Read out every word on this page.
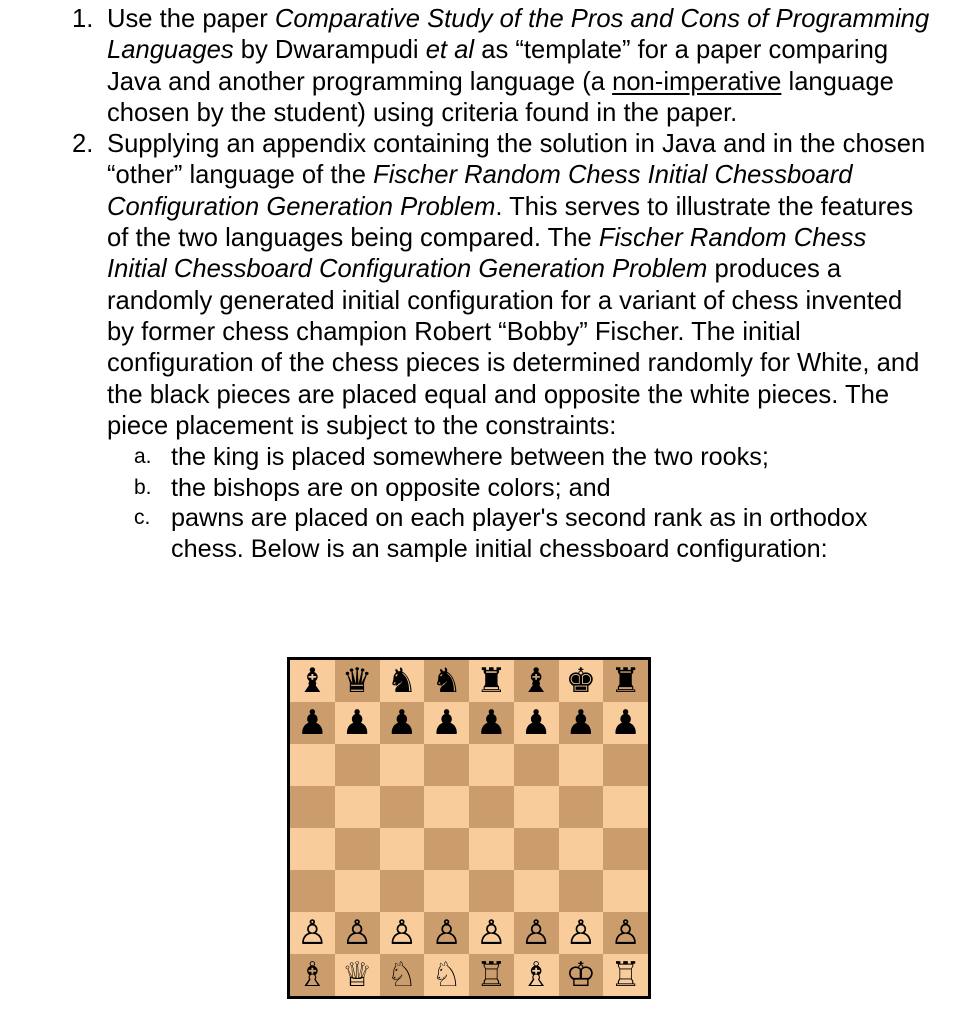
1. Use the paper Comparative Study of the Pros and Cons of Programming Languages by Dwarampudi et al as “template” for a paper comparing Java and another programming language (a non-imperative language chosen by the student) using criteria found in the paper.
2. Supplying an appendix containing the solution in Java and in the chosen “other” language of the Fischer Random Chess Initial Chessboard Configuration Generation Problem. This serves to illustrate the features of the two languages being compared. The Fischer Random Chess Initial Chessboard Configuration Generation Problem produces a randomly generated initial configuration for a variant of chess invented by former chess champion Robert “Bobby” Fischer. The initial configuration of the chess pieces is determined randomly for White, and the black pieces are placed equal and opposite the white pieces. The piece placement is subject to the constraints:
a. the king is placed somewhere between the two rooks;
b. the bishops are on opposite colors; and
c. pawns are placed on each player's second rank as in orthodox chess. Below is an sample initial chessboard configuration:
♝ ♛ ♞ ♞ ♜ ♝ ♚ ♜
♟ ♟ ♟ ♟ ♟ ♟ ♟ ♟
♙ ♙ ♙ ♙ ♙ ♙ ♙ ♙
♗ ♕ ♘ ♘ ♖ ♗ ♔ ♖
